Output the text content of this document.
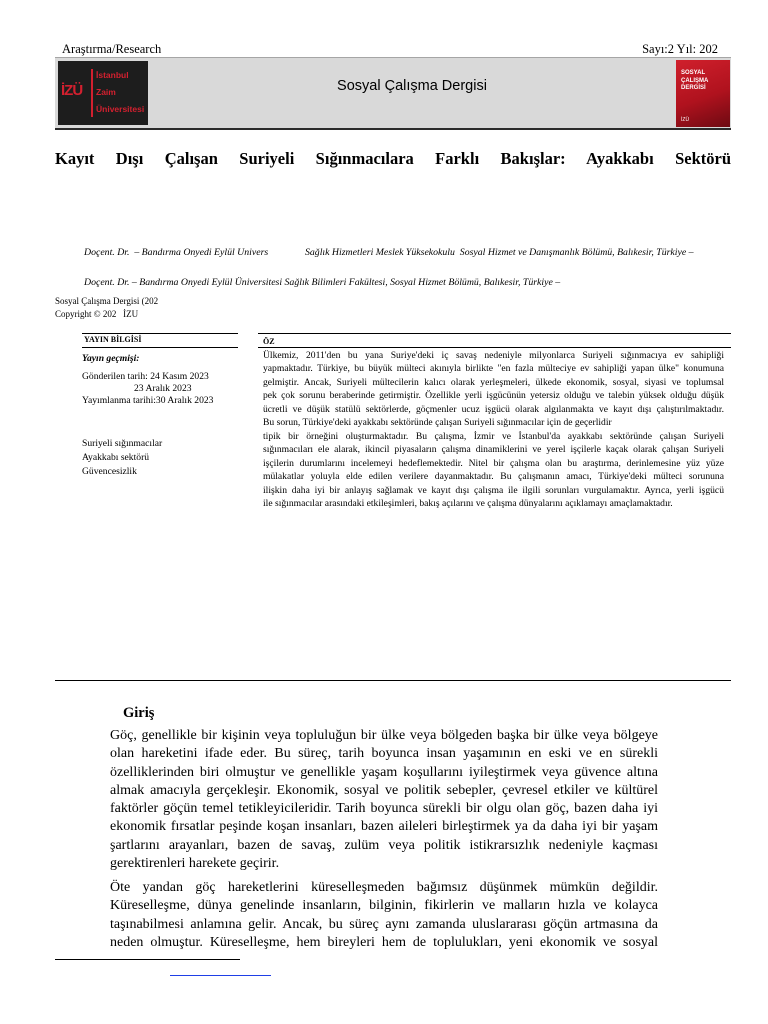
Araştırma/Research	Sayı:2 Yıl: 202
İZÜ
İstanbul
Zaim
Üniversitesi
Sosyal Çalışma Dergisi
SOSYAL
ÇALIŞMA
DERGİSİ
İZÜ
Kayıt Dışı Çalışan Suriyeli Sığınmacılara Farklı Bakışlar: Ayakkabı Sektörü
Doçent. Dr.  – Bandırma Onyedi Eylül Univers	Sağlık Hizmetleri Meslek Yüksekokulu  Sosyal Hizmet ve Danışmanlık Bölümü, Balıkesir, Türkiye –
Doçent. Dr. – Bandırma Onyedi Eylül Üniversitesi Sağlık Bilimleri Fakültesi, Sosyal Hizmet Bölümü, Balıkesir, Türkiye –
Sosyal Çalışma Dergisi (202
Copyright © 202   İZU
YAYIN BİLGİSİ
Yayın geçmişi:
Gönderilen tarih: 24 Kasım 2023
23 Aralık 2023
Yayımlanma tarihi:30 Aralık 2023
Suriyeli sığınmacılar
Ayakkabı sektörü
Güvencesizlik
ÖZ
Ülkemiz, 2011'den bu yana Suriye'deki iç savaş nedeniyle milyonlarca Suriyeli sığınmacıya ev sahipliği
yapmaktadır. Türkiye, bu büyük mülteci akınıyla birlikte "en fazla mülteciye ev sahipliği yapan ülke" konumuna
gelmiştir. Ancak, Suriyeli mültecilerin kalıcı olarak yerleşmeleri, ülkede ekonomik, sosyal, siyasi ve toplumsal
pek çok sorunu beraberinde getirmiştir. Özellikle yerli işgücünün yetersiz olduğu ve talebin yüksek olduğu düşük
ücretli ve düşük statülü sektörlerde, göçmenler ucuz işgücü olarak algılanmakta ve kayıt dışı çalıştırılmaktadır.
Bu sorun, Türkiye'deki ayakkabı sektöründe çalışan Suriyeli sığınmacılar için de geçerlidir
tipik bir örneğini oluşturmaktadır. Bu çalışma, İzmir ve İstanbul'da ayakkabı sektöründe çalışan Suriyeli
sığınmacıları ele alarak, ikincil piyasaların çalışma dinamiklerini ve yerel işçilerle kaçak olarak çalışan Suriyeli
işçilerin durumlarını incelemeyi hedeflemektedir. Nitel bir çalışma olan bu araştırma, derinlemesine yüz yüze
mülakatlar yoluyla elde edilen verilere dayanmaktadır. Bu çalışmanın amacı, Türkiye'deki mülteci sorununa
ilişkin daha iyi bir anlayış sağlamak ve kayıt dışı çalışma ile ilgili sorunları vurgulamaktır. Ayrıca, yerli işgücü
ile sığınmacılar arasındaki etkileşimleri, bakış açılarını ve çalışma dünyalarını açıklamayı amaçlamaktadır.
Giriş
Göç, genellikle bir kişinin veya topluluğun bir ülke veya bölgeden başka bir ülke veya bölgeye
olan hareketini ifade eder. Bu süreç, tarih boyunca insan yaşamının en eski ve en sürekli
özelliklerinden biri olmuştur ve genellikle yaşam koşullarını iyileştirmek veya güvence altına
almak amacıyla gerçekleşir. Ekonomik, sosyal ve politik sebepler, çevresel etkiler ve kültürel
faktörler göçün temel tetikleyicileridir. Tarih boyunca sürekli bir olgu olan göç, bazen daha iyi
ekonomik fırsatlar peşinde koşan insanları, bazen aileleri birleştirmek ya da daha iyi bir yaşam
şartlarını arayanları, bazen de savaş, zulüm veya politik istikrarsızlık nedeniyle kaçması
gerektirenleri harekete geçirir.
Öte yandan göç hareketlerini küreselleşmeden bağımsız düşünmek mümkün değildir.
Küreselleşme, dünya genelinde insanların, bilginin, fikirlerin ve malların hızla ve kolayca
taşınabilmesi anlamına gelir. Ancak, bu süreç aynı zamanda uluslararası göçün artmasına da
neden olmuştur. Küreselleşme, hem bireyleri hem de toplulukları, yeni ekonomik ve sosyal
